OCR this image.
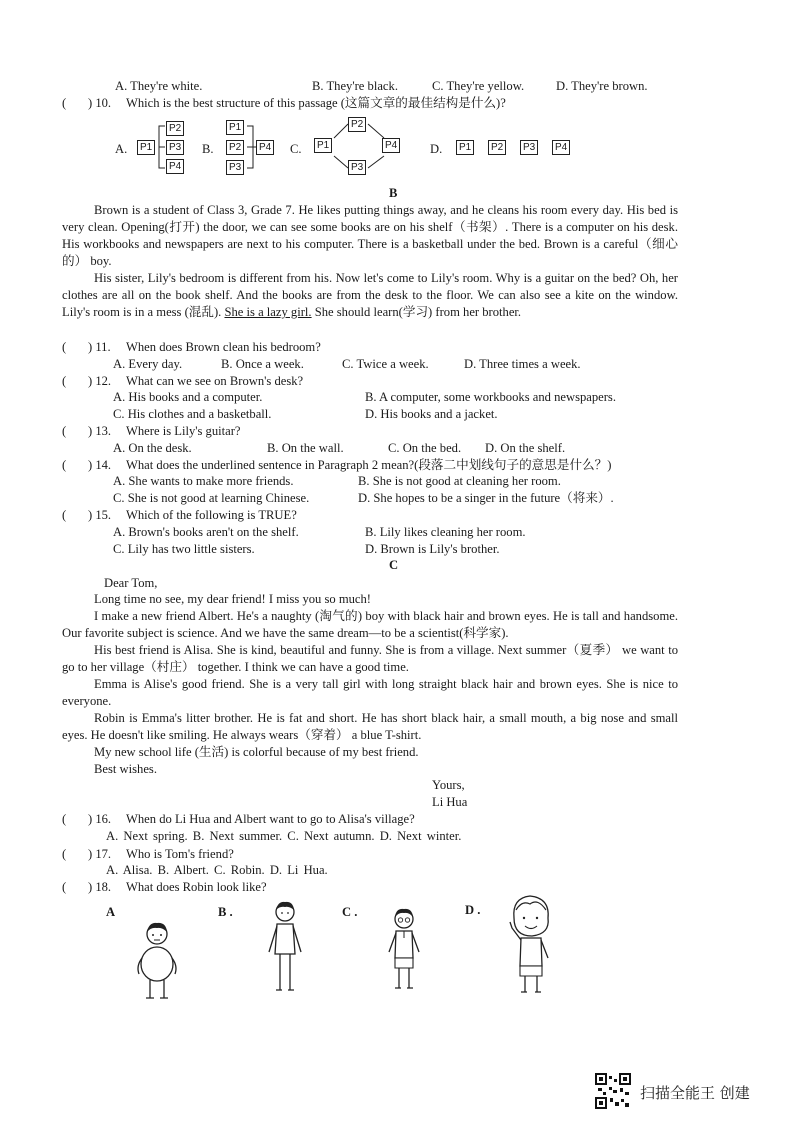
A. They're white.	B. They're black.	C. They're yellow.	D. They're brown.
( ) 10. Which is the best structure of this passage (这篇文章的最佳结构是什么)?
A.	P1
P2
P3
P4
B.
P1
P2
P3
P4 C.	P1
P2
P3
P4	D.	P1	P2	P3	P4
B

Brown is a student of Class 3, Grade 7. He likes putting things away, and he cleans his room every day. His bed is very clean. Opening(打开) the door, we can see some books are on his shelf（书架）. There is a computer on his desk. His workbooks and newspapers are next to his computer. There is a basketball under the bed. Brown is a careful（细心的） boy.

His sister, Lily's bedroom is different from his. Now let's come to Lily's room. Why is a guitar on the bed? Oh, her clothes are all on the book shelf. And the books are from the desk to the floor. We can also see a kite on the window. Lily's room is in a mess (混乱). She is a lazy girl. She should learn(学习) from her brother.

( ) 11. When does Brown clean his bedroom?
A. Every day.	B. Once a week.	C. Twice a week.	D. Three times a week.
( ) 12. What can we see on Brown's desk?
A. His books and a computer.	B. A computer, some workbooks and newspapers.
C. His clothes and a basketball.	D. His books and a jacket.
( ) 13. Where is Lily's guitar?
A. On the desk.	B. On the wall.	C. On the bed. D. On the shelf.
( ) 14. What does the underlined sentence in Paragraph 2 mean?(段落二中划线句子的意思是什么？)
A. She wants to make more friends.	B. She is not good at cleaning her room.
C. She is not good at learning Chinese.	D. She hopes to be a singer in the future（将来）.
( ) 15. Which of the following is TRUE?
A. Brown's books aren't on the shelf.	B. Lily likes cleaning her room.
C. Lily has two little sisters.	D. Brown is Lily's brother.
C
Dear Tom,

Long time no see, my dear friend! I miss you so much!

I make a new friend Albert. He's a naughty (淘气的) boy with black hair and brown eyes. He is tall and handsome. Our favorite subject is science. And we have the same dream—to be a scientist(科学家).

His best friend is Alisa. She is kind, beautiful and funny. She is from a village. Next summer（夏季） we want to go to her village（村庄） together. I think we can have a good time.

Emma is Alise's good friend. She is a very tall girl with long straight black hair and brown eyes. She is nice to everyone.

Robin is Emma's litter brother. He is fat and short. He has short black hair, a small mouth, a big nose and small eyes. He doesn't like smiling. He always wears（穿着） a blue T-shirt.

My new school life (生活) is colorful because of my best friend.

Best wishes.

Yours,
Li Hua
( ) 16. When do Li Hua and Albert want to go to Alisa's village?
A. Next spring. B. Next summer. C. Next autumn. D. Next winter.
( ) 17. Who is Tom's friend?
A. Alisa. B. Albert. C. Robin. D. Li Hua.
( ) 18. What does Robin look like?
A	B .	C .	D .
扫描全能王 创建
